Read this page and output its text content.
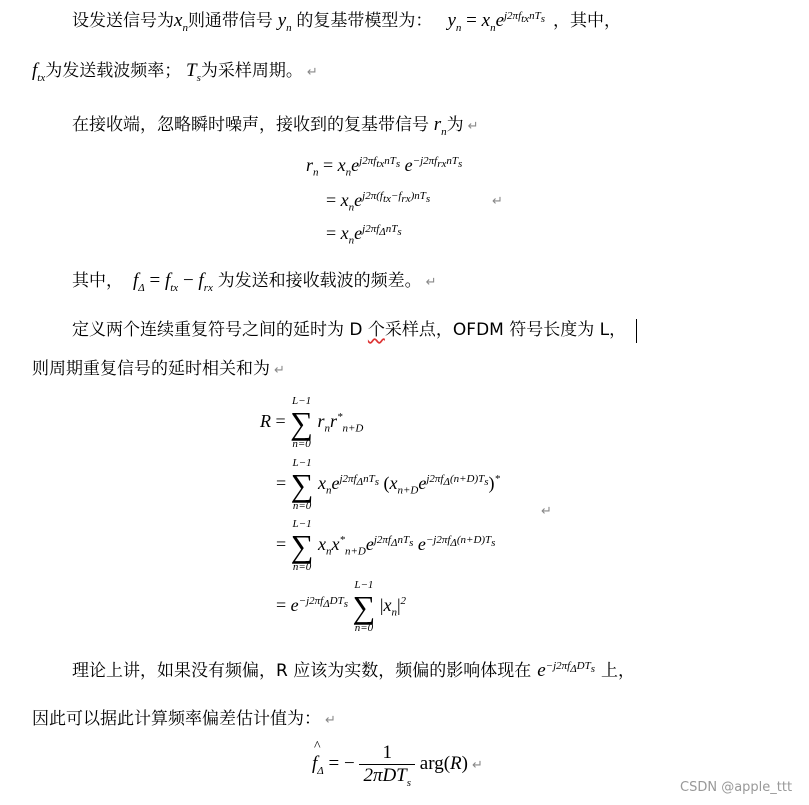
设发送信号为$x_n$则通带信号 $y_n$ 的复基带模型为： $y_n = x_ne^{j2\pi f_{tx}nT_s}$ ，其中，
$f_{tx}$为发送载波频率； $T_s$为采样周期。 ↵
在接收端，忽略瞬时噪声，接收到的复基带信号 $r_n$为 ↵
$r_n = x_ne^{j2\pi f_{tx}nT_s}$ $e^{-j2\pi f_{rx}nT_s}$
= $x_ne^{j2\pi(f_{tx}-f_{rx})nT_s}$	↵
= $x_ne^{j2\pi f_\Delta nT_s}$
其中， $f_\Delta = f_{tx} - f_{rx}$ 为发送和接收载波的频差。 ↵
定义两个连续重复符号之间的延时为 D 个采样点，OFDM 符号长度为 L，
则周期重复信号的延时相关和为 ↵
R = L−1
∑
n=0 $r_nr^*_{n+D}$
= L−1
∑
n=0 $x_ne^{j2\pi f_\Delta nT_s}$ $(x_{n+D}e^{j2\pi f_\Delta(n+D)T_s})^*$
↵
= L−1
∑
n=0 $x_nx^*_{n+D}e^{j2\pi f_\Delta nT_s}$ $e^{-j2\pi f_\Delta(n+D)T_s}$
= $e^{-j2\pi f_\Delta DT_s}$ L−1
∑
n=0 $|x_n|^2$
理论上讲，如果没有频偏，R 应该为实数，频偏的影响体现在 $e^{-j2\pi f_\Delta DT_s}$ 上，
因此可以据此计算频率偏差估计值为： ↵
^
$f_\Delta$ = − $\frac{1}{2\pi DT_s} arg(R)$ ↵
CSDN @apple_ttt
